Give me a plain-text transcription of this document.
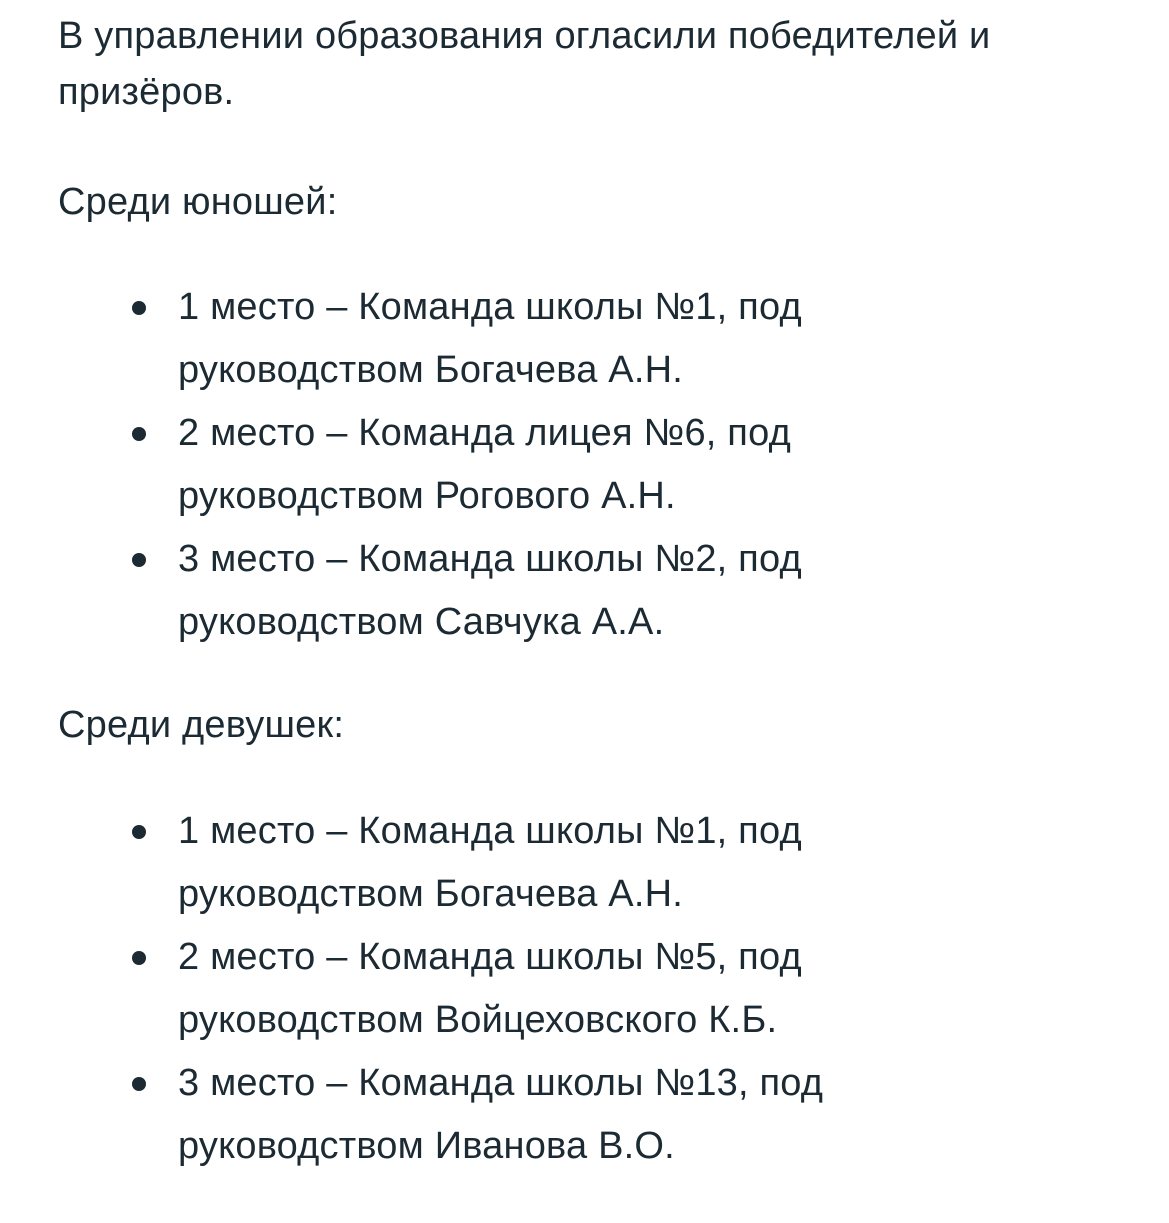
В управлении образования огласили победителей и призёров.

Среди юношей:

1 место – Команда школы №1, под
руководством Богачева А.Н.
2 место – Команда лицея №6, под
руководством Рогового А.Н.
3 место – Команда школы №2, под
руководством Савчука А.А.

Среди девушек:

1 место – Команда школы №1, под
руководством Богачева А.Н.
2 место – Команда школы №5, под
руководством Войцеховского К.Б.
3 место – Команда школы №13, под
руководством Иванова В.О.
